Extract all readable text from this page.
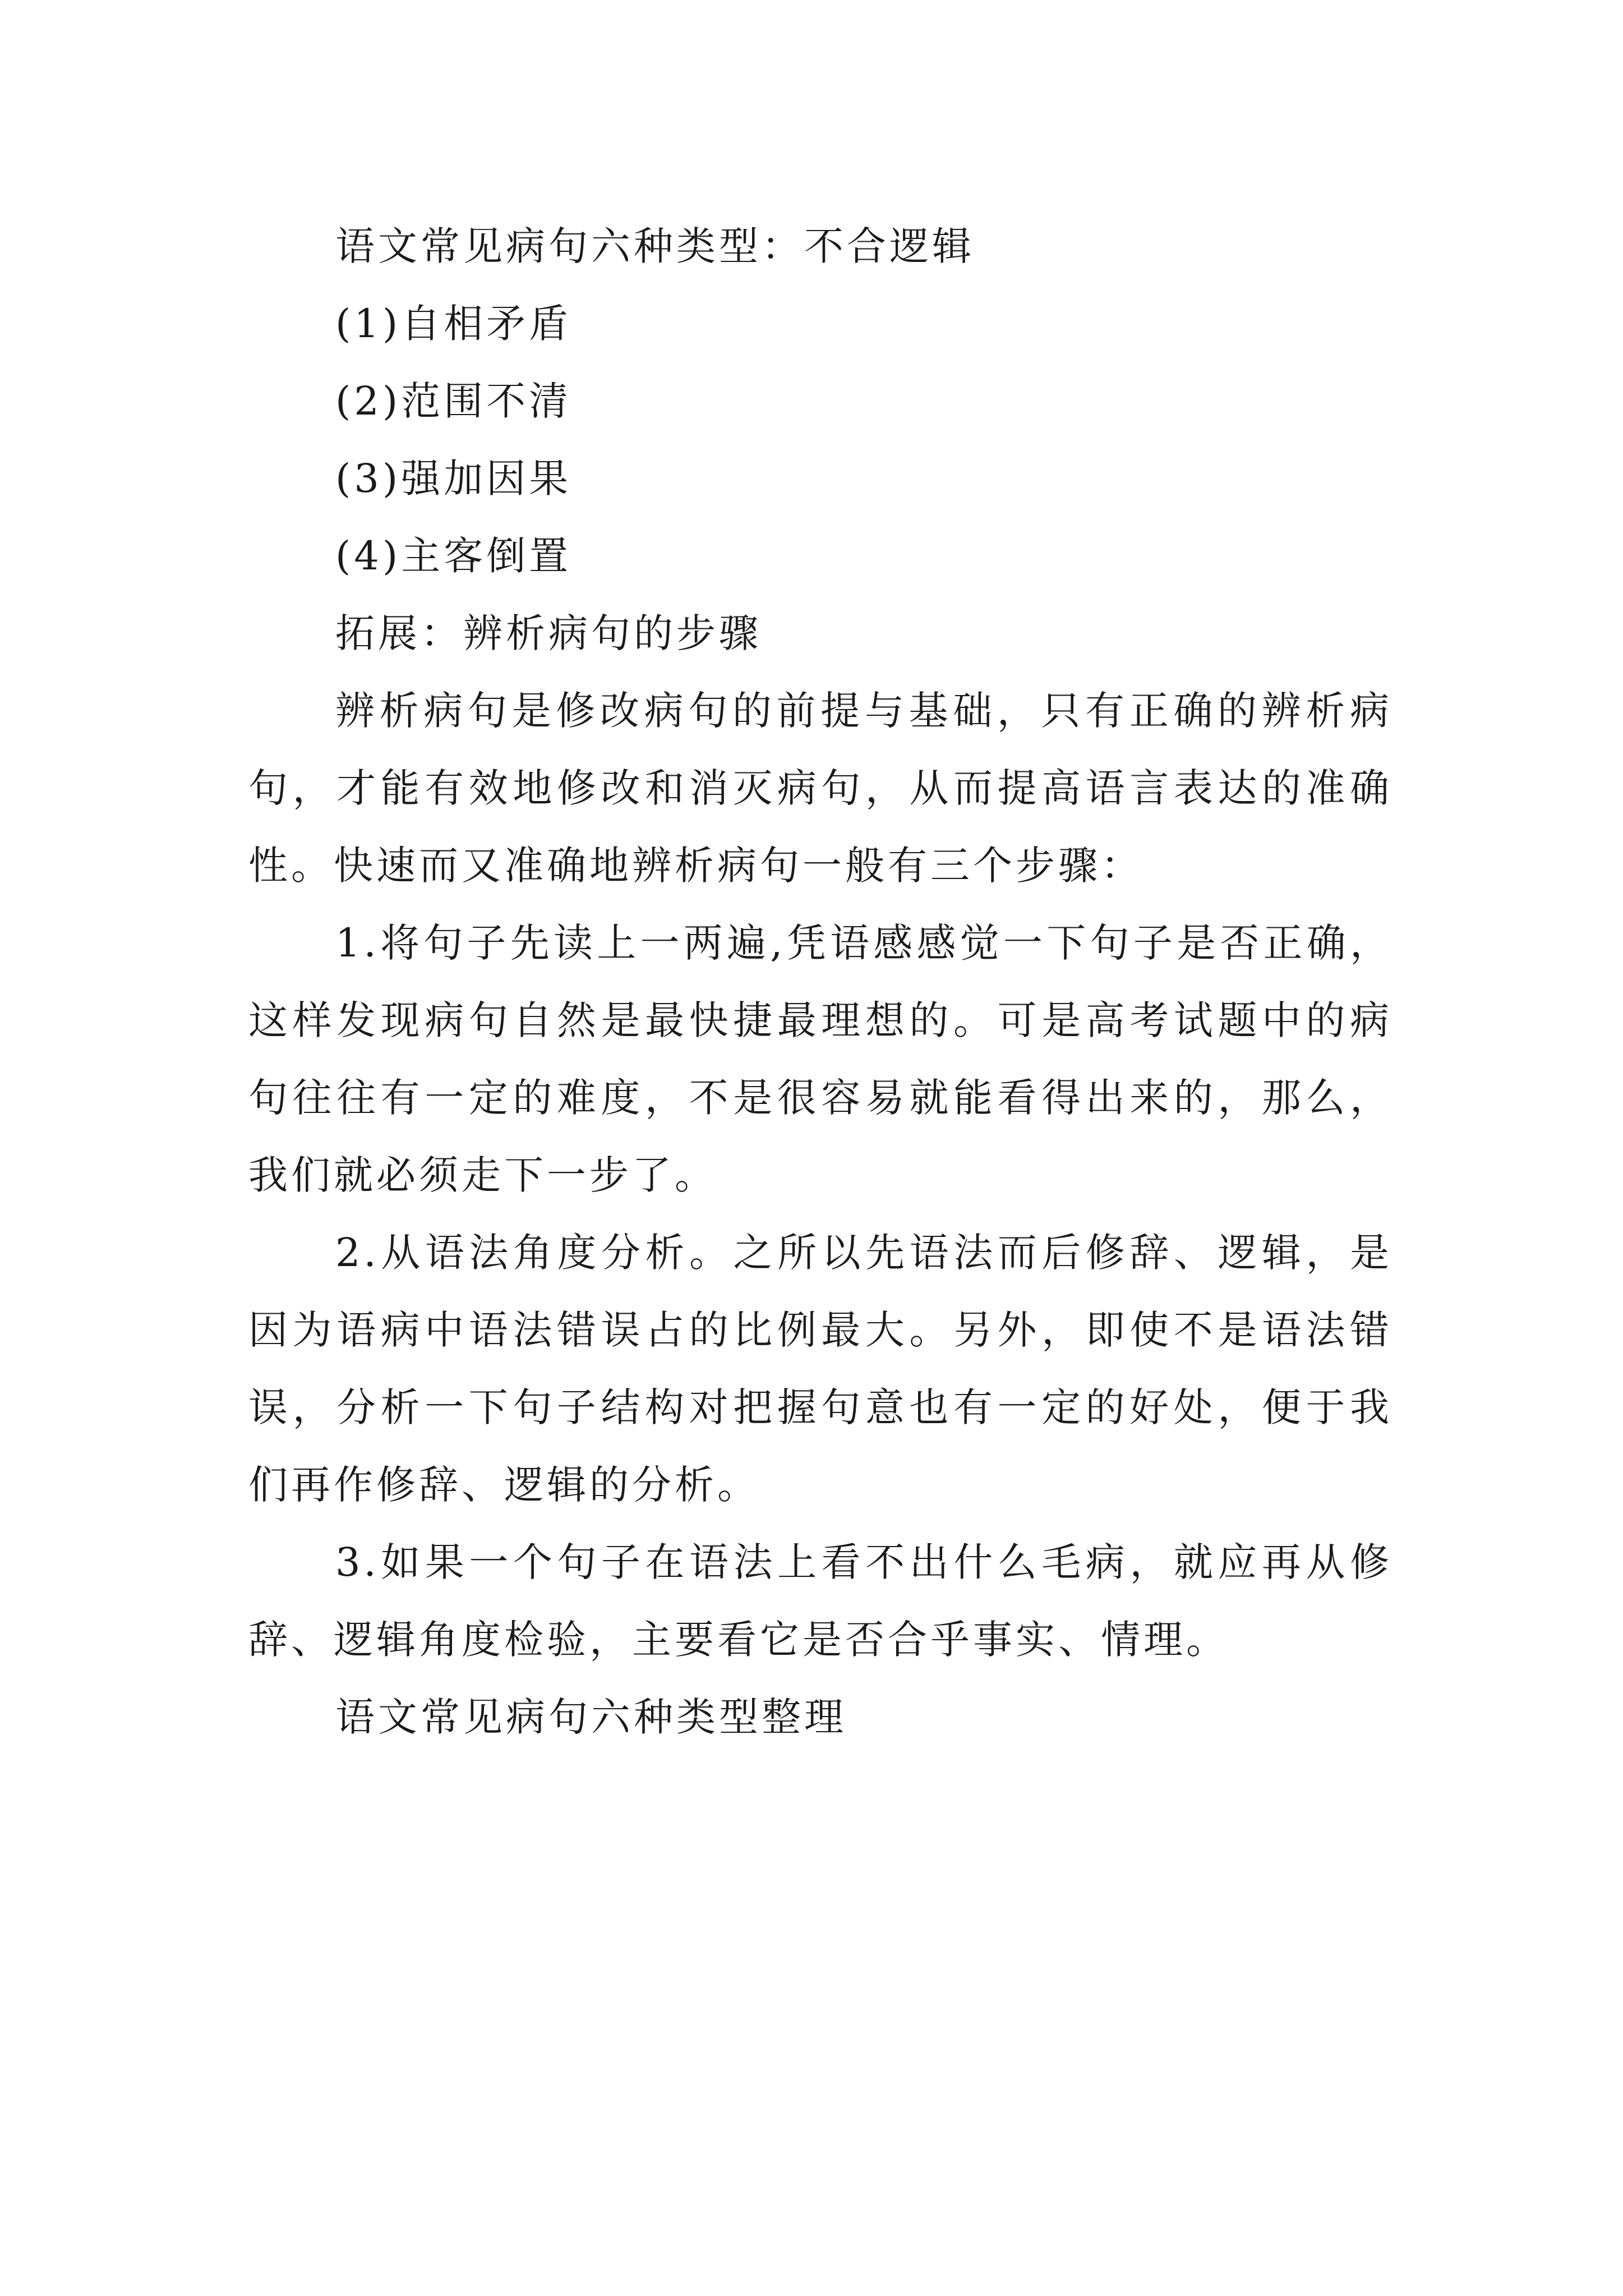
语文常见病句六种类型：不合逻辑
(1)自相矛盾
(2)范围不清
(3)强加因果
(4)主客倒置
拓展：辨析病句的步骤

辨析病句是修改病句的前提与基础，只有正确的辨析病句，才能有效地修改和消灭病句，从而提高语言表达的准确性。快速而又准确地辨析病句一般有三个步骤：

1.将句子先读上一两遍,凭语感感觉一下句子是否正确，这样发现病句自然是最快捷最理想的。可是高考试题中的病句往往有一定的难度，不是很容易就能看得出来的，那么，我们就必须走下一步了。

2.从语法角度分析。之所以先语法而后修辞、逻辑，是因为语病中语法错误占的比例最大。另外，即使不是语法错误，分析一下句子结构对把握句意也有一定的好处，便于我们再作修辞、逻辑的分析。

3.如果一个句子在语法上看不出什么毛病，就应再从修辞、逻辑角度检验，主要看它是否合乎事实、情理。

语文常见病句六种类型整理
